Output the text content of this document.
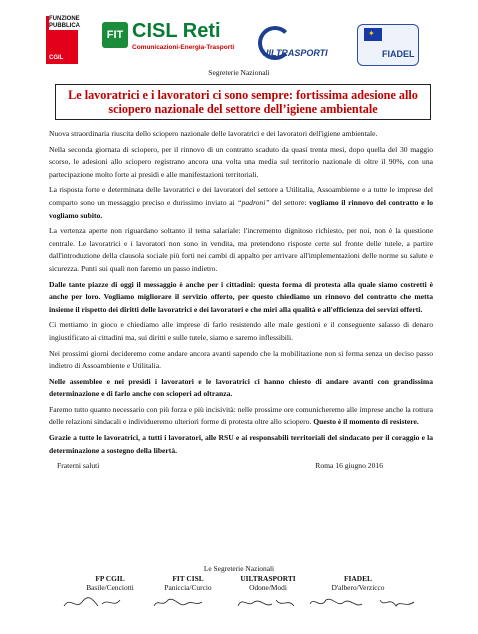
FUNZIONE PUBBLICA
CGIL
FIT CISL Reti
Comunicazioni-Energia-Trasporti
UILTRASPORTI
✦
FIADEL
Segreterie Nazionali
Le lavoratrici e i lavoratori ci sono sempre: fortissima adesione allo sciopero nazionale del settore dell’igiene ambientale

Nuova straordinaria riuscita dello sciopero nazionale delle lavoratrici e dei lavoratori dell'igiene ambientale.

Nella seconda giornata di sciopero, per il rinnovo di un contratto scaduto da quasi trenta mesi, dopo quella del 30 maggio scorso, le adesioni allo sciopero registrano ancora una volta una media sul territorio nazionale di oltre il 90%, con una partecipazione molto forte ai presidi e alle manifestazioni territoriali.

La risposta forte e determinata delle lavoratrici e dei lavoratori del settore a Utilitalia, Assoambiente e a tutte le imprese del comparto sono un messaggio preciso e durissimo inviato ai “padroni” del settore: vogliamo il rinnovo del contratto e lo vogliamo subito.

La vertenza aperte non riguardano soltanto il tema salariale: l'incremento dignitoso richiesto, per noi, non è la questione centrale. Le lavoratrici e i lavoratori non sono in vendita, ma pretendono risposte certe sul fronte delle tutele, a partire dall'introduzione della clausola sociale più forti nei cambi di appalto per arrivare all'implementazioni delle norme su salute e sicurezza. Punti sui quali non faremo un passo indietro.

Dalle tante piazze di oggi il messaggio è anche per i cittadini: questa forma di protesta alla quale siamo costretti è anche per loro. Vogliamo migliorare il servizio offerto, per questo chiediamo un rinnovo del contratto che metta insieme il rispetto dei diritti delle lavoratrici e dei lavoratori e che miri alla qualità e all'efficienza dei servizi offerti.

Ci mettiamo in gioco e chiediamo alle imprese di farlo resistendo alle male gestioni e il conseguente salasso di denaro ingiustificato ai cittadini ma, sui diritti e sulle tutele, siamo e saremo inflessibili.

Nei prossimi giorni decideremo come andare ancora avanti sapendo che la mobilitazione non si ferma senza un deciso passo indietro di Assoambiente e Utilitalia.

Nelle assemblee e nei presidi i lavoratori e le lavoratrici ci hanno chiesto di andare avanti con grandissima determinazione e di farlo anche con scioperi ad oltranza.

Faremo tutto quanto necessario con più forza e più incisività: nelle prossime ore comunicheremo alle imprese anche la rottura delle relazioni sindacali e individueremo ulteriori forme di protesta oltre allo sciopero. Questo è il momento di resistere.

Grazie a tutte le lavoratrici, a tutti i lavoratori, alle RSU e ai responsabili territoriali del sindacato per il coraggio e la determinazione a sostegno della libertà.

Fraterni saluti	Roma 16 giugno 2016
Le Segreterie Nazionali
FP CGIL
Basile/Cenciotti
FIT CISL
Panicciа/Curcio
UILTRASPORTI
Odone/Modi
FIADEL
D'albero/Verzicco
